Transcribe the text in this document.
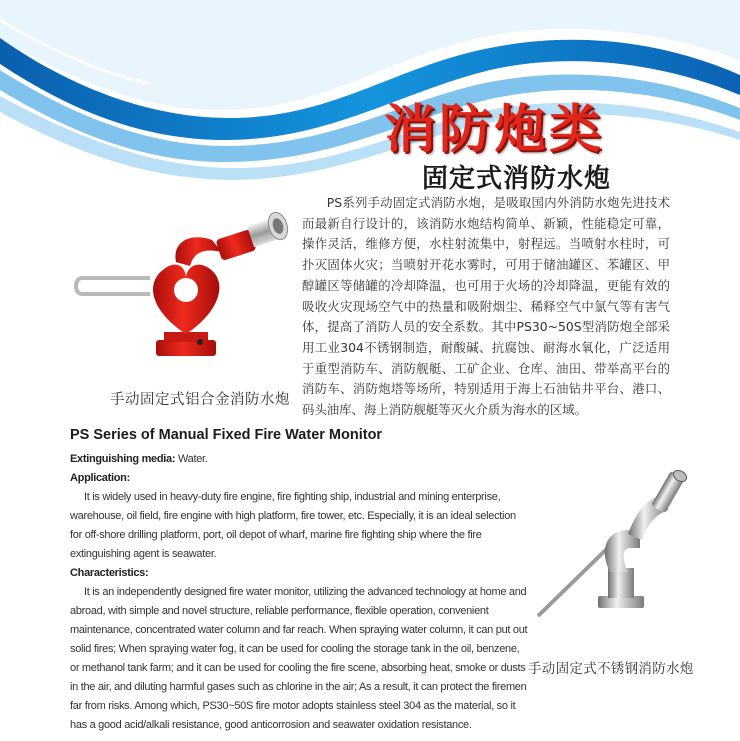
消防炮类
固定式消防水炮

PS系列手动固定式消防水炮，是吸取国内外消防水炮先进技术而最新自行设计的，该消防水炮结构简单、新颖，性能稳定可靠，操作灵活，维修方便，水柱射流集中，射程远。当喷射水柱时，可扑灭固体火灾；当喷射开花水雾时，可用于储油罐区、苯罐区、甲醇罐区等储罐的冷却降温，也可用于火场的冷却降温，更能有效的吸收火灾现场空气中的热量和吸附烟尘、稀释空气中氯气等有害气体，提高了消防人员的安全系数。其中PS30~50S型消防炮全部采用工业304不锈钢制造，耐酸碱、抗腐蚀、耐海水氧化，广泛适用于重型消防车、消防舰艇、工矿企业、仓库、油田、带举高平台的消防车、消防炮塔等场所，特别适用于海上石油钻井平台、港口、码头油库、海上消防舰艇等灭火介质为海水的区域。

手动固定式铝合金消防水炮

PS Series of Manual Fixed Fire Water Monitor

Extinguishing media: Water.

Application:

It is widely used in heavy-duty fire engine, fire fighting ship, industrial and mining enterprise, warehouse, oil field, fire engine with high platform, fire tower, etc. Especially, it is an ideal selection for off-shore drilling platform, port, oil depot of wharf, marine fire fighting ship where the fire extinguishing agent is seawater.

Characteristics:

It is an independently designed fire water monitor, utilizing the advanced technology at home and abroad, with simple and novel structure, reliable performance, flexible operation, convenient maintenance, concentrated water column and far reach. When spraying water column, it can put out solid fires; When spraying water fog, it can be used for cooling the storage tank in the oil, benzene, or methanol tank farm; and it can be used for cooling the fire scene, absorbing heat, smoke or dusts in the air, and diluting harmful gases such as chlorine in the air; As a result, it can protect the firemen far from risks. Among which, PS30~50S fire motor adopts stainless steel 304 as the material, so it has a good acid/alkali resistance, good anticorrosion and seawater oxidation resistance.

手动固定式不锈钢消防水炮
